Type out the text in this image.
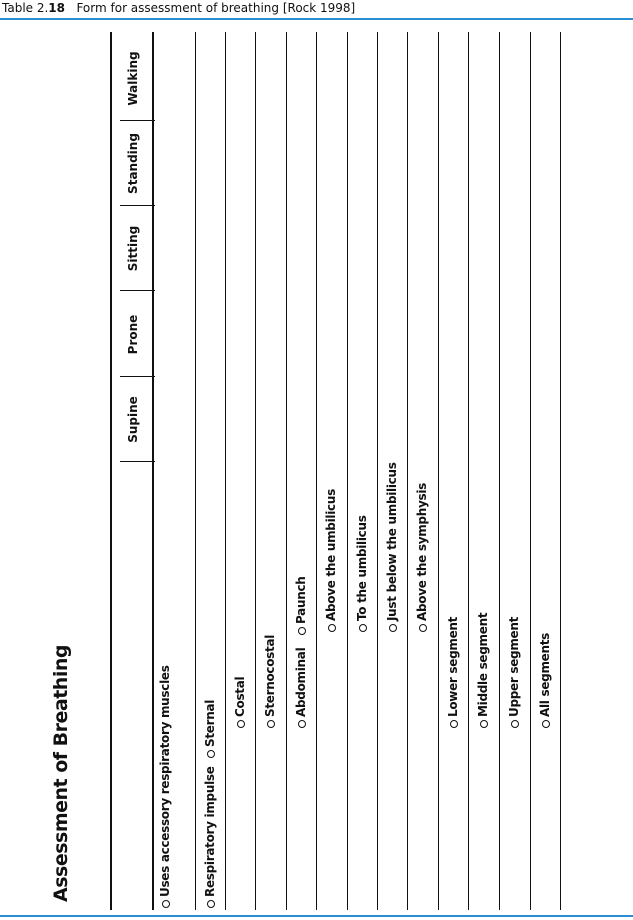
Table 2.18 Form for assessment of breathing [Rock 1998]
Assessment of Breathing
Supine
Prone
Sitting
Standing
Walking
Uses accessory respiratory muscles	Respiratory impulse
Sternal
Costal Sternocostal Abdominal
Paunch Above the umbilicus To the umbilicus Just below the umbilicus Above the symphysis
Lower segment Middle segment Upper segment All segments
